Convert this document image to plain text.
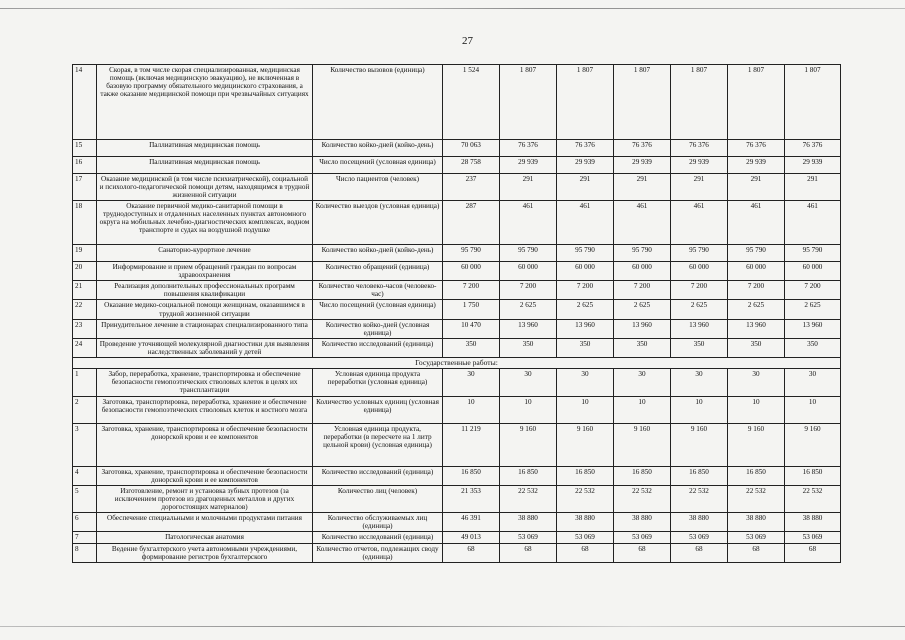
27
14	Скорая, в том числе скорая специализированная, медицинская помощь (включая медицинскую эвакуацию), не включенная в базовую программу обязательного медицинского страхования, а также оказание медицинской помощи при чрезвычайных ситуациях	Количество вызовов (единица)	1 524	1 807	1 807	1 807	1 807	1 807	1 807
15	Паллиативная медицинская помощь	Количество койко-дней (койко-день)	70 063	76 376	76 376	76 376	76 376	76 376	76 376
16	Паллиативная медицинская помощь	Число посещений (условная единица)	28 758	29 939	29 939	29 939	29 939	29 939	29 939
17	Оказание медицинской (в том числе психиатрической), социальной и психолого-педагогической помощи детям, находящимся в трудной жизненной ситуации	Число пациентов (человек)	237	291	291	291	291	291	291
18	Оказание первичной медико-санитарной помощи в труднодоступных и отдаленных населенных пунктах автономного округа на мобильных лечебно-диагностических комплексах, водном транспорте и судах на воздушной подушке	Количество выездов (условная единица)	287	461	461	461	461	461	461
19	Санаторно-курортное лечение	Количество койко-дней (койко-день)	95 790	95 790	95 790	95 790	95 790	95 790	95 790
20	Информирование и прием обращений граждан по вопросам здравоохранения	Количество обращений (единица)	60 000	60 000	60 000	60 000	60 000	60 000	60 000
21	Реализация дополнительных профессиональных программ повышения квалификации	Количество человеко-часов (человеко-час)	7 200	7 200	7 200	7 200	7 200	7 200	7 200
22	Оказание медико-социальной помощи женщинам, оказавшимся в трудной жизненной ситуации	Число посещений (условная единица)	1 750	2 625	2 625	2 625	2 625	2 625	2 625
23	Принудительное лечение в стационарах специализированного типа	Количество койко-дней (условная единица)	10 470	13 960	13 960	13 960	13 960	13 960	13 960
24	Проведение уточняющей молекулярной диагностики для выявления наследственных заболеваний у детей	Количество исследований (единица)	350	350	350	350	350	350	350
Государственные работы:									
1	Забор, переработка, хранение, транспортировка и обеспечение безопасности гемопоэтических стволовых клеток в целях их трансплантации	Условная единица продукта переработки (условная единица)	30	30	30	30	30	30	30
2	Заготовка, транспортировка, переработка, хранение и обеспечение безопасности гемопоэтических стволовых клеток и костного мозга	Количество условных единиц (условная единица)	10	10	10	10	10	10	10
3	Заготовка, хранение, транспортировка и обеспечение безопасности донорской крови и ее компонентов	Условная единица продукта, переработки (в пересчете на 1 литр цельной крови) (условная единица)	11 219	9 160	9 160	9 160	9 160	9 160	9 160
4	Заготовка, хранение, транспортировка и обеспечение безопасности донорской крови и ее компонентов	Количество исследований (единица)	16 850	16 850	16 850	16 850	16 850	16 850	16 850
5	Изготовление, ремонт и установка зубных протезов (за исключением протезов из драгоценных металлов и других дорогостоящих материалов)	Количество лиц (человек)	21 353	22 532	22 532	22 532	22 532	22 532	22 532
6	Обеспечение специальными и молочными продуктами питания	Количество обслуживаемых лиц (единица)	46 391	38 880	38 880	38 880	38 880	38 880	38 880
7	Патологическая анатомия	Количество исследований (единица)	49 013	53 069	53 069	53 069	53 069	53 069	53 069
8	Ведение бухгалтерского учета автономными учреждениями, формирование регистров бухгалтерского	Количество отчетов, подлежащих своду (единица)	68	68	68	68	68	68	68
